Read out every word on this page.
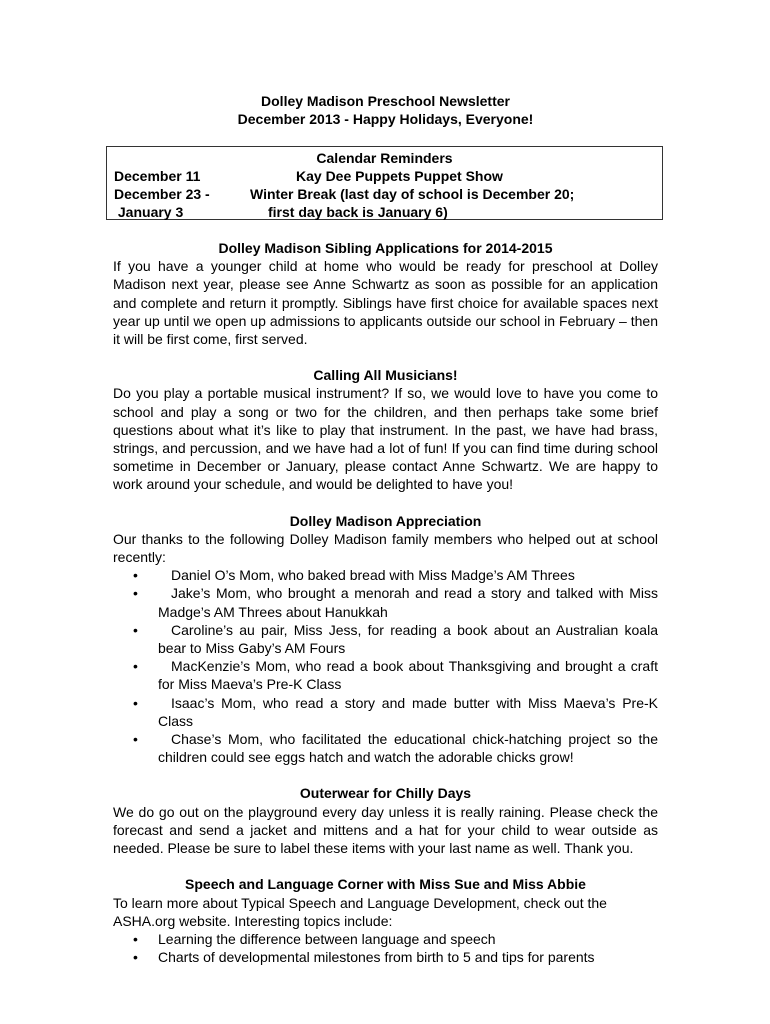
Dolley Madison Preschool Newsletter
December 2013 - Happy Holidays, Everyone!
Calendar Reminders
December 11	Kay Dee Puppets Puppet Show
December 23 -	Winter Break (last day of school is December 20;
January 3	first day back is January 6)
Dolley Madison Sibling Applications for 2014-2015
If you have a younger child at home who would be ready for preschool at Dolley Madison next year, please see Anne Schwartz as soon as possible for an application and complete and return it promptly. Siblings have first choice for available spaces next year up until we open up admissions to applicants outside our school in February – then it will be first come, first served.
Calling All Musicians!
Do you play a portable musical instrument? If so, we would love to have you come to school and play a song or two for the children, and then perhaps take some brief questions about what it’s like to play that instrument. In the past, we have had brass, strings, and percussion, and we have had a lot of fun! If you can find time during school sometime in December or January, please contact Anne Schwartz. We are happy to work around your schedule, and would be delighted to have you!
Dolley Madison Appreciation
Our thanks to the following Dolley Madison family members who helped out at school recently:
• Daniel O’s Mom, who baked bread with Miss Madge’s AM Threes
• Jake’s Mom, who brought a menorah and read a story and talked with Miss Madge’s AM Threes about Hanukkah
• Caroline’s au pair, Miss Jess, for reading a book about an Australian koala bear to Miss Gaby’s AM Fours
• MacKenzie’s Mom, who read a book about Thanksgiving and brought a craft for Miss Maeva’s Pre-K Class
• Isaac’s Mom, who read a story and made butter with Miss Maeva’s Pre-K Class
• Chase’s Mom, who facilitated the educational chick-hatching project so the children could see eggs hatch and watch the adorable chicks grow!
Outerwear for Chilly Days
We do go out on the playground every day unless it is really raining. Please check the forecast and send a jacket and mittens and a hat for your child to wear outside as needed. Please be sure to label these items with your last name as well. Thank you.
Speech and Language Corner with Miss Sue and Miss Abbie
To learn more about Typical Speech and Language Development, check out the ASHA.org website. Interesting topics include:
• Learning the difference between language and speech
• Charts of developmental milestones from birth to 5 and tips for parents
